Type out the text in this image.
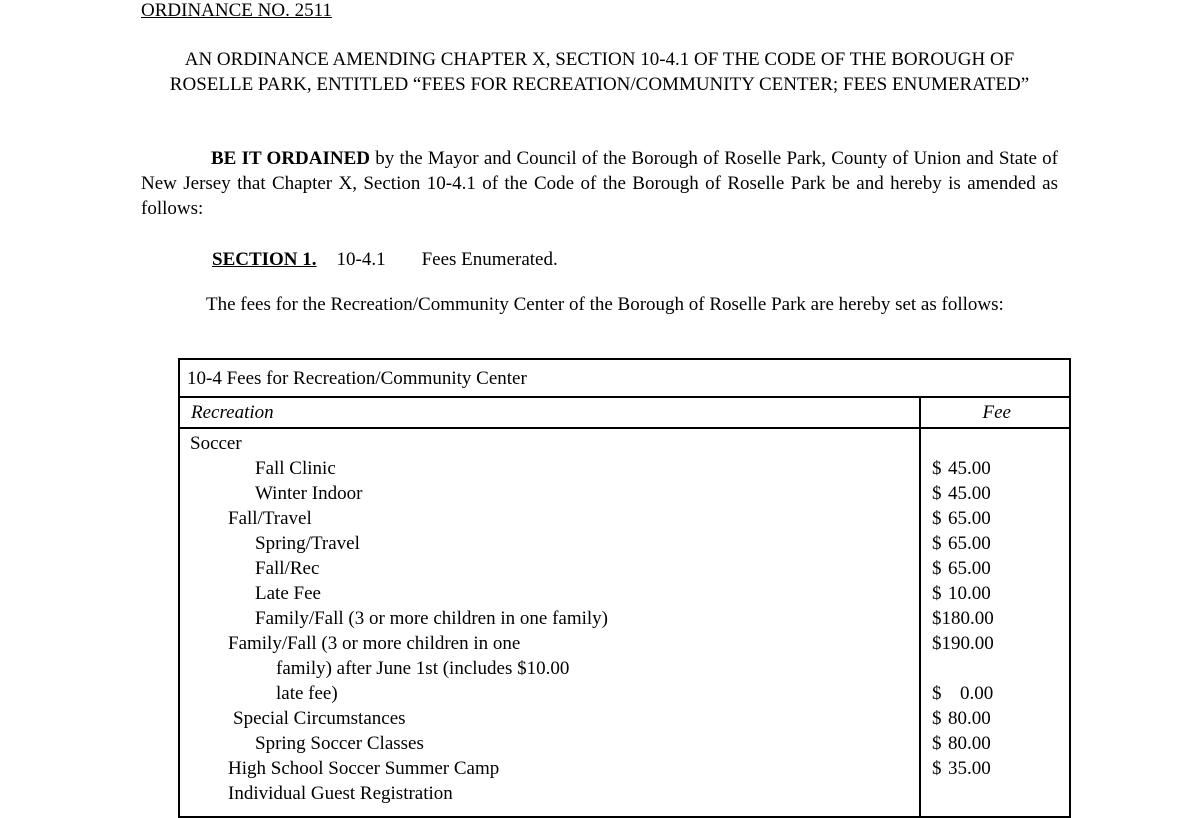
ORDINANCE NO. 2511
AN ORDINANCE AMENDING CHAPTER X, SECTION 10-4.1 OF THE CODE OF THE BOROUGH OF ROSELLE PARK, ENTITLED “FEES FOR RECREATION/COMMUNITY CENTER; FEES ENUMERATED”
BE IT ORDAINED by the Mayor and Council of the Borough of Roselle Park, County of Union and State of New Jersey that Chapter X, Section 10-4.1 of the Code of the Borough of Roselle Park be and hereby is amended as follows:
SECTION 1. 10-4.1 Fees Enumerated.
The fees for the Recreation/Community Center of the Borough of Roselle Park are hereby set as follows:
10-4 Fees for Recreation/Community Center
Recreation	Fee
Soccer
Fall Clinic	$ 45.00
Winter Indoor	$ 45.00
Fall/Travel	$ 65.00
Spring/Travel	$ 65.00
Fall/Rec	$ 65.00
Late Fee	$ 10.00
Family/Fall (3 or more children in one family)	$180.00
Family/Fall (3 or more children in one	$190.00
family) after June 1st (includes $10.00
late fee)	$ 0.00
Special Circumstances	$ 80.00
Spring Soccer Classes	$ 80.00
High School Soccer Summer Camp	$ 35.00
Individual Guest Registration
